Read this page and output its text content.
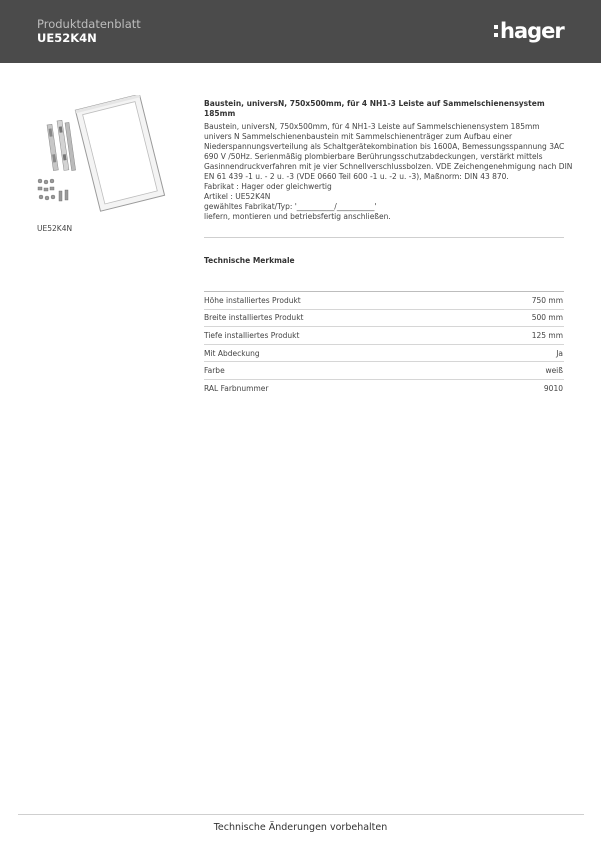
Produktdatenblatt
UE52K4N	hager
UE52K4N
Baustein, universN, 750x500mm, für 4 NH1-3 Leiste auf Sammelschienensystem
185mm
Baustein, universN, 750x500mm, für 4 NH1-3 Leiste auf Sammelschienensystem 185mm
univers N Sammelschienenbaustein mit Sammelschienenträger zum Aufbau einer
Niederspannungsverteilung als Schaltgerätekombination bis 1600A, Bemessungsspannung 3AC
690 V /50Hz. Serienmäßig plombierbare Berührungsschutzabdeckungen, verstärkt mittels
Gasinnendruckverfahren mit je vier Schnellverschlussbolzen. VDE Zeichengenehmigung nach DIN
EN 61 439 -1 u. - 2 u. -3 (VDE 0660 Teil 600 -1 u. -2 u. -3), Maßnorm: DIN 43 870.
Fabrikat : Hager oder gleichwertig
Artikel : UE52K4N
gewähltes Fabrikat/Typ: '__________/__________'
liefern, montieren und betriebsfertig anschließen.
Technische Merkmale
Höhe installiertes Produkt	750 mm
Breite installiertes Produkt	500 mm
Tiefe installiertes Produkt	125 mm
Mit Abdeckung	Ja
Farbe	weiß
RAL Farbnummer	9010
Technische Änderungen vorbehalten
